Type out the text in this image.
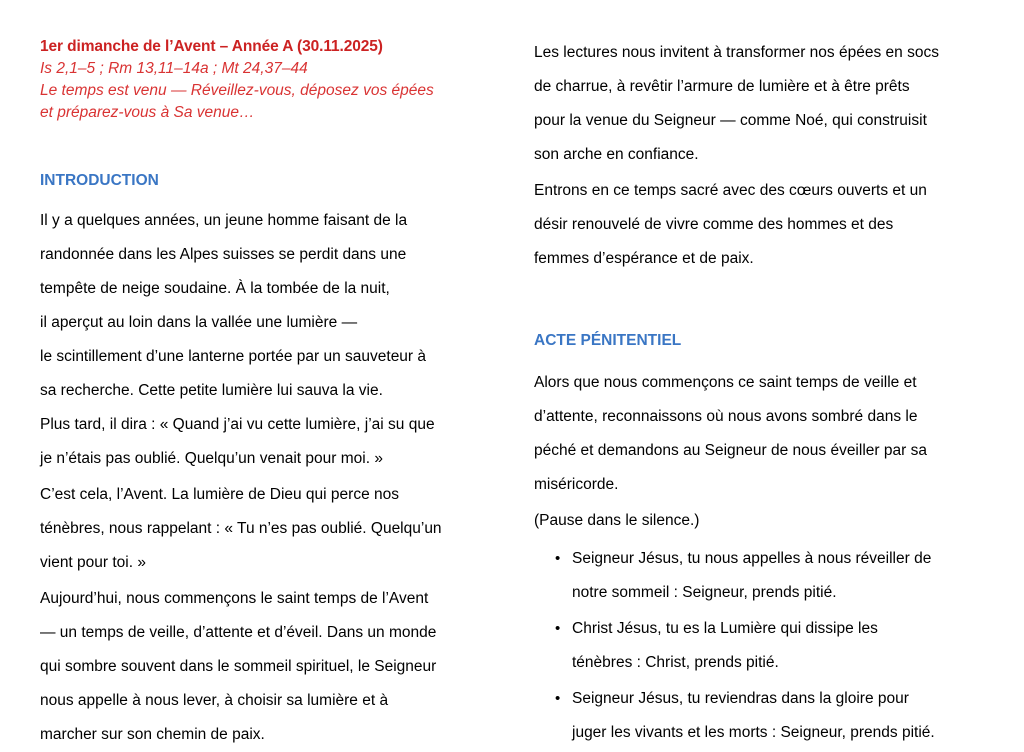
1er dimanche de l’Avent – Année A (30.11.2025)
Is 2,1–5 ; Rm 13,11–14a ; Mt 24,37–44
Le temps est venu — Réveillez-vous, déposez vos épées
et préparez-vous à Sa venue…
INTRODUCTION
Il y a quelques années, un jeune homme faisant de la
randonnée dans les Alpes suisses se perdit dans une
tempête de neige soudaine. À la tombée de la nuit,
il aperçut au loin dans la vallée une lumière —
le scintillement d’une lanterne portée par un sauveteur à
sa recherche. Cette petite lumière lui sauva la vie.
Plus tard, il dira : « Quand j’ai vu cette lumière, j’ai su que
je n’étais pas oublié. Quelqu’un venait pour moi. »
C’est cela, l’Avent. La lumière de Dieu qui perce nos
ténèbres, nous rappelant : « Tu n’es pas oublié. Quelqu’un
vient pour toi. »
Aujourd’hui, nous commençons le saint temps de l’Avent
— un temps de veille, d’attente et d’éveil. Dans un monde
qui sombre souvent dans le sommeil spirituel, le Seigneur
nous appelle à nous lever, à choisir sa lumière et à
marcher sur son chemin de paix.
Les lectures nous invitent à transformer nos épées en socs
de charrue, à revêtir l’armure de lumière et à être prêts
pour la venue du Seigneur — comme Noé, qui construisit
son arche en confiance.
Entrons en ce temps sacré avec des cœurs ouverts et un
désir renouvelé de vivre comme des hommes et des
femmes d’espérance et de paix.
ACTE PÉNITENTIEL
Alors que nous commençons ce saint temps de veille et
d’attente, reconnaissons où nous avons sombré dans le
péché et demandons au Seigneur de nous éveiller par sa
miséricorde.
(Pause dans le silence.)
• Seigneur Jésus, tu nous appelles à nous réveiller de
notre sommeil : Seigneur, prends pitié.
• Christ Jésus, tu es la Lumière qui dissipe les
ténèbres : Christ, prends pitié.
• Seigneur Jésus, tu reviendras dans la gloire pour
juger les vivants et les morts : Seigneur, prends pitié.
